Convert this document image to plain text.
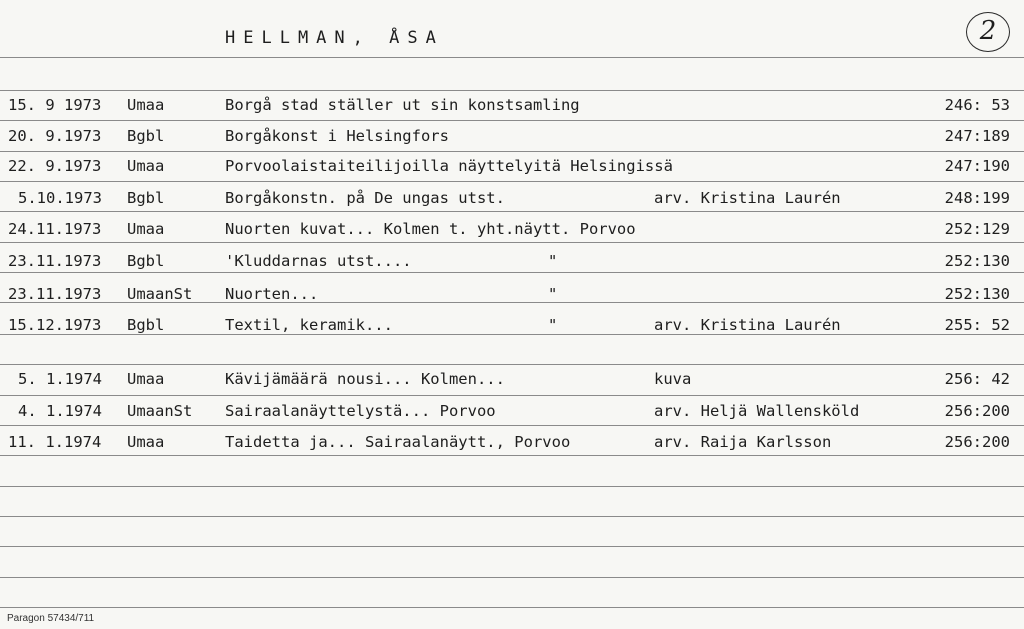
HELLMAN, ÅSA	2
15. 9 1973 Umaa	Borgå stad ställer ut sin konstsamling	246: 53
20. 9.1973 Bgbl	Borgåkonst i Helsingfors	247:189
22. 9.1973 Umaa	Porvoolaistaiteilijoilla näyttelyitä Helsingissä	247:190
5.10.1973 Bgbl	Borgåkonstn. på De ungas utst.	arv. Kristina Laurén	248:199
24.11.1973 Umaa	Nuorten kuvat... Kolmen t. yht.näytt. Porvoo	252:129
23.11.1973 Bgbl	'Kluddarnas utst....	"	252:130
23.11.1973 UmaanSt Nuorten...	"	252:130
15.12.1973 Bgbl	Textil, keramik...	"	arv. Kristina Laurén	255: 52
5. 1.1974 Umaa	Kävijämäärä nousi... Kolmen...	kuva	256: 42
4. 1.1974 UmaanSt Sairaalanäyttelystä... Porvoo	arv. Heljä Wallensköld	256:200
11. 1.1974 Umaa	Taidetta ja... Sairaalanäytt., Porvoo	arv. Raija Karlsson	256:200
Paragon 57434/711
